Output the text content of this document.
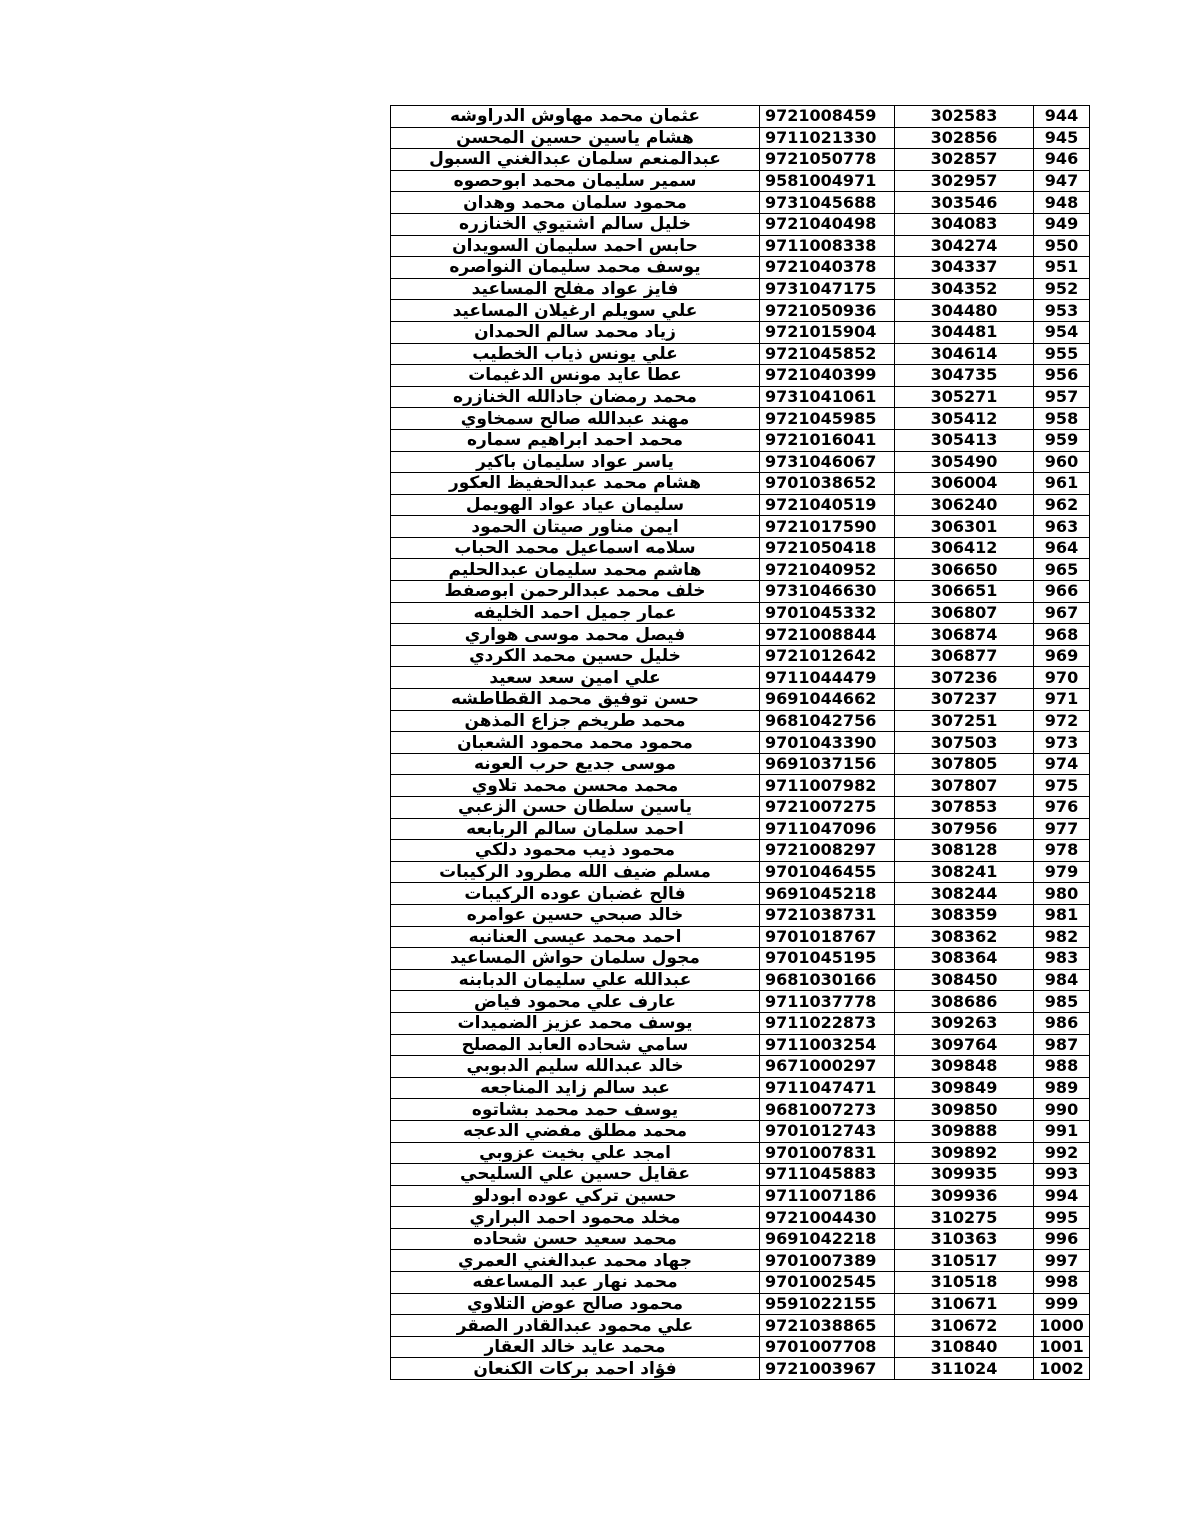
عثمان محمد مهاوش الدراوشه	9721008459	302583	944
هشام ياسين حسين المحسن	9711021330	302856	945
عبدالمنعم سلمان عبدالغني السبول	9721050778	302857	946
سمير سليمان محمد ابوحصوه	9581004971	302957	947
محمود سلمان محمد وهدان	9731045688	303546	948
خليل سالم اشتيوي الخنازره	9721040498	304083	949
حابس احمد سليمان السويدان	9711008338	304274	950
يوسف محمد سليمان النواصره	9721040378	304337	951
فايز عواد مفلح المساعيد	9731047175	304352	952
علي سويلم ارغيلان المساعيد	9721050936	304480	953
زياد محمد سالم الحمدان	9721015904	304481	954
علي يونس ذياب الخطيب	9721045852	304614	955
عطا عايد مونس الدغيمات	9721040399	304735	956
محمد رمضان جادالله الخنازره	9731041061	305271	957
مهند عبدالله صالح سمخاوي	9721045985	305412	958
محمد احمد ابراهيم سماره	9721016041	305413	959
ياسر عواد سليمان باكير	9731046067	305490	960
هشام محمد عبدالحفيظ العكور	9701038652	306004	961
سليمان عياد عواد الهويمل	9721040519	306240	962
ايمن مناور صيتان الحمود	9721017590	306301	963
سلامه اسماعيل محمد الحباب	9721050418	306412	964
هاشم محمد سليمان عبدالحليم	9721040952	306650	965
خلف محمد عبدالرحمن ابوصفط	9731046630	306651	966
عمار جميل احمد الخليفه	9701045332	306807	967
فيصل محمد موسى هواري	9721008844	306874	968
خليل حسين محمد الكردي	9721012642	306877	969
علي امين سعد سعيد	9711044479	307236	970
حسن توفيق محمد القطاطشه	9691044662	307237	971
محمد طريخم جزاع المذهن	9681042756	307251	972
محمود محمد محمود الشعبان	9701043390	307503	973
موسى جديع حرب العونه	9691037156	307805	974
محمد محسن محمد تلاوي	9711007982	307807	975
ياسين سلطان حسن الزعبي	9721007275	307853	976
احمد سلمان سالم الربابعه	9711047096	307956	977
محمود ذيب محمود دلكي	9721008297	308128	978
مسلم ضيف الله مطرود الركيبات	9701046455	308241	979
فالح غضبان عوده الركيبات	9691045218	308244	980
خالد صبحي حسين عوامره	9721038731	308359	981
احمد محمد عيسى العنانبه	9701018767	308362	982
مجول سلمان حواش المساعيد	9701045195	308364	983
عبدالله علي سليمان الدبابنه	9681030166	308450	984
عارف علي محمود فياض	9711037778	308686	985
يوسف محمد عزيز الضميدات	9711022873	309263	986
سامي شحاده العابد المصلح	9711003254	309764	987
خالد عبدالله سليم الدبوبي	9671000297	309848	988
عبد سالم زايد المناجعه	9711047471	309849	989
يوسف حمد محمد بشاتوه	9681007273	309850	990
محمد مطلق مفضي الدعجه	9701012743	309888	991
امجد علي بخيت عزوبي	9701007831	309892	992
عقايل حسين علي السليحي	9711045883	309935	993
حسين تركي عوده ابودلو	9711007186	309936	994
مخلد محمود احمد البراري	9721004430	310275	995
محمد سعيد حسن شحاده	9691042218	310363	996
جهاد محمد عبدالغني العمري	9701007389	310517	997
محمد نهار عبد المساعفه	9701002545	310518	998
محمود صالح عوض التلاوي	9591022155	310671	999
علي محمود عبدالقادر الصقر	9721038865	310672	1000
محمد عايد خالد العقار	9701007708	310840	1001
فؤاد احمد بركات الكنعان	9721003967	311024	1002
